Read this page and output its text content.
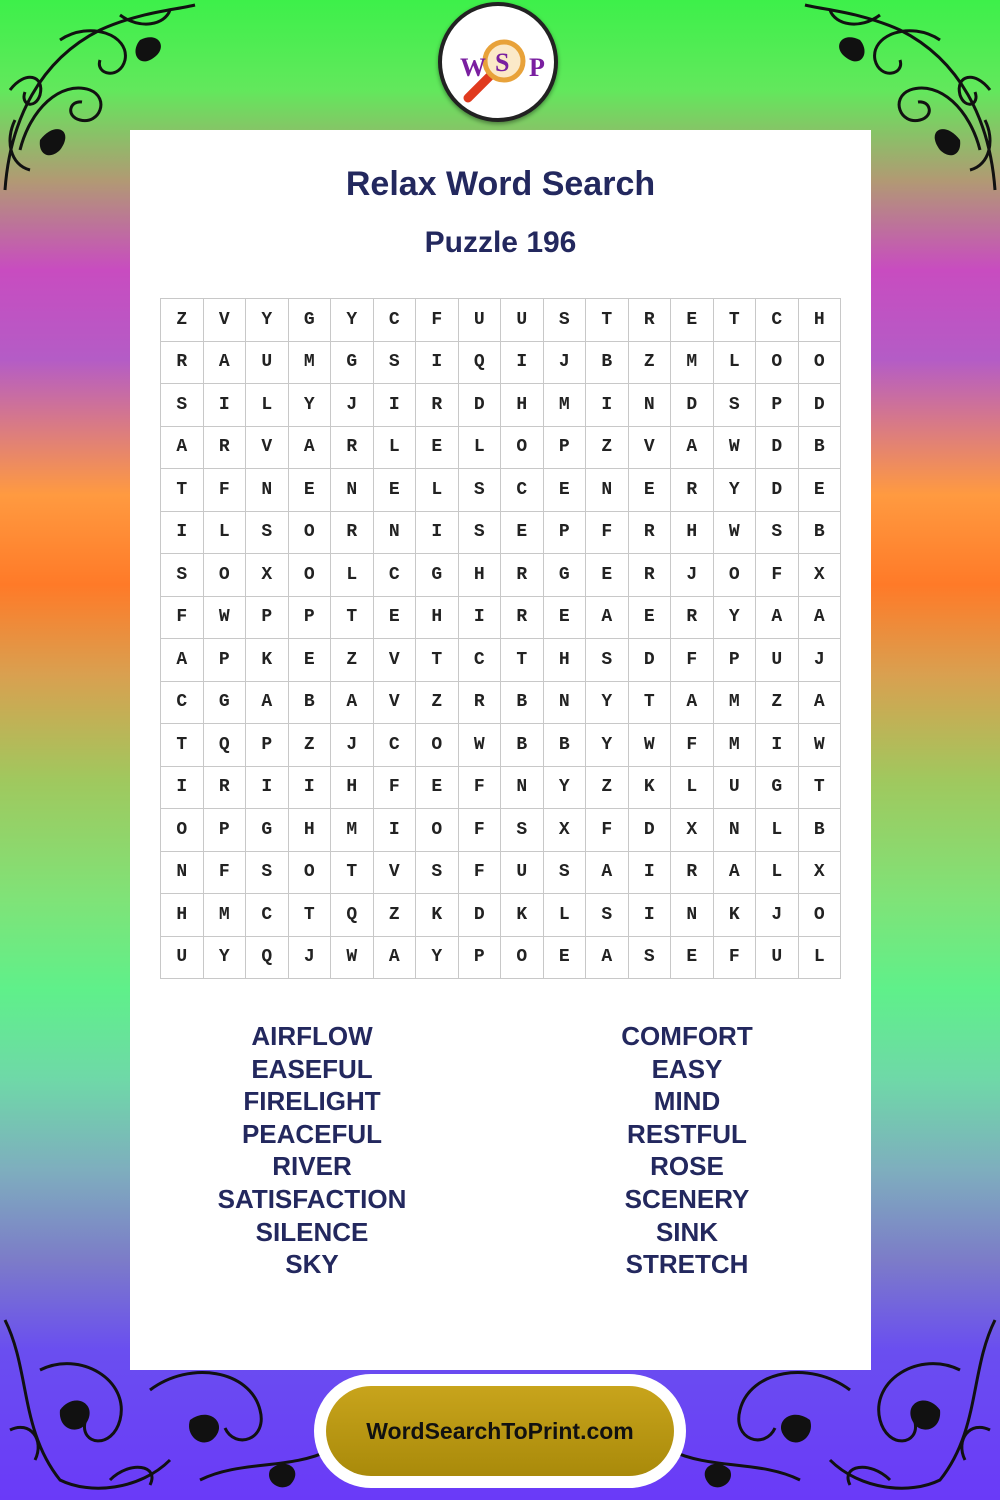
W S P
Relax Word Search
Puzzle 196
Z	V	Y	G	Y	C	F	U	U	S	T	R	E	T	C	H
R	A	U	M	G	S	I	Q	I	J	B	Z	M	L	O	O
S	I	L	Y	J	I	R	D	H	M	I	N	D	S	P	D
A	R	V	A	R	L	E	L	O	P	Z	V	A	W	D	B
T	F	N	E	N	E	L	S	C	E	N	E	R	Y	D	E
I	L	S	O	R	N	I	S	E	P	F	R	H	W	S	B
S	O	X	O	L	C	G	H	R	G	E	R	J	O	F	X
F	W	P	P	T	E	H	I	R	E	A	E	R	Y	A	A
A	P	K	E	Z	V	T	C	T	H	S	D	F	P	U	J
C	G	A	B	A	V	Z	R	B	N	Y	T	A	M	Z	A
T	Q	P	Z	J	C	O	W	B	B	Y	W	F	M	I	W
I	R	I	I	H	F	E	F	N	Y	Z	K	L	U	G	T
O	P	G	H	M	I	O	F	S	X	F	D	X	N	L	B
N	F	S	O	T	V	S	F	U	S	A	I	R	A	L	X
H	M	C	T	Q	Z	K	D	K	L	S	I	N	K	J	O
U	Y	Q	J	W	A	Y	P	O	E	A	S	E	F	U	L
AIRFLOW
EASEFUL
FIRELIGHT
PEACEFUL
RIVER
SATISFACTION
SILENCE
SKY
COMFORT
EASY
MIND
RESTFUL
ROSE
SCENERY
SINK
STRETCH
WordSearchToPrint.com
